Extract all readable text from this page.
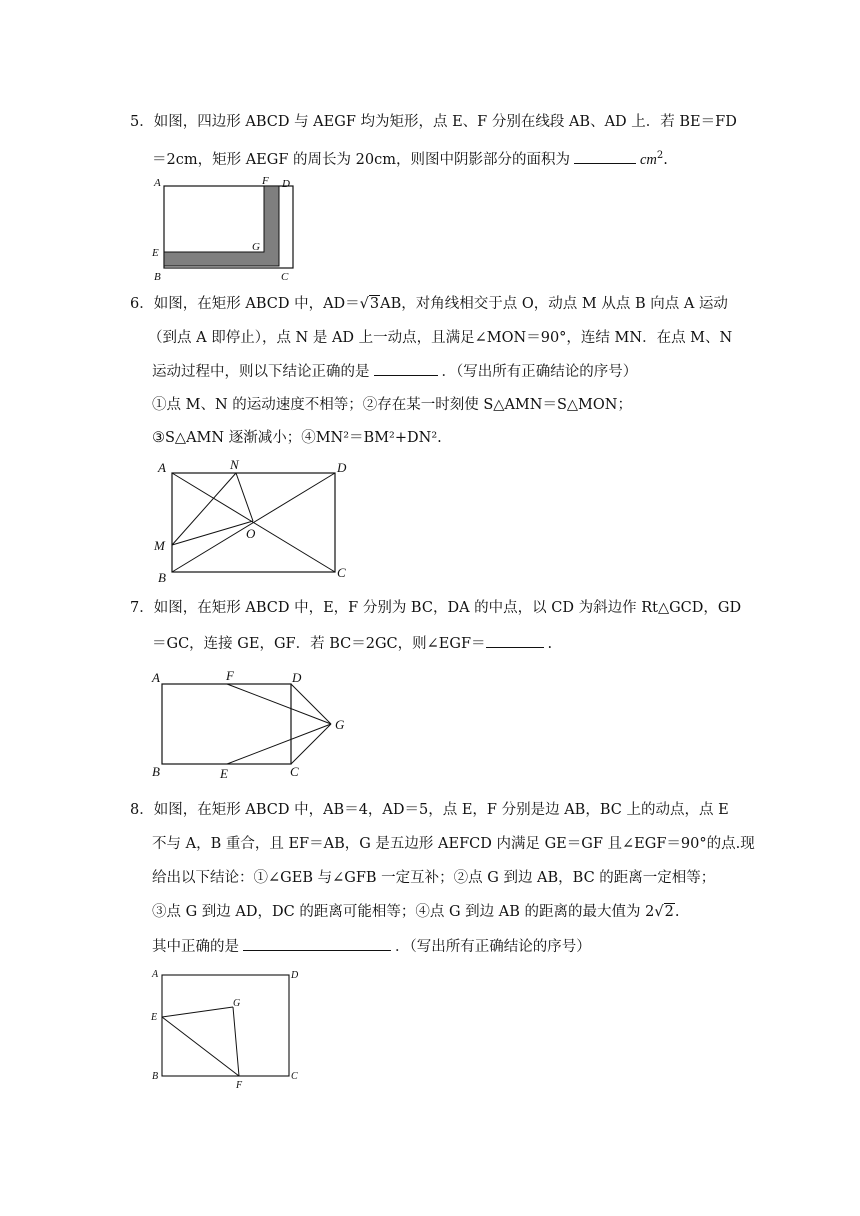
5．如图，四边形 ABCD 与 AEGF 均为矩形，点 E、F 分别在线段 AB、AD 上．若 BE＝FD
＝2cm，矩形 AEGF 的周长为 20cm，则图中阴影部分的面积为	$cm^2$.
A	F D
G
E
B	C
6．如图，在矩形 ABCD 中，AD＝√3AB，对角线相交于点 O，动点 M 从点 B 向点 A 运动
（到点 A 即停止），点 N 是 AD 上一动点，且满足∠MON＝90°，连结 MN．在点 M、N
运动过程中，则以下结论正确的是	．（写出所有正确结论的序号）
①点 M、N 的运动速度不相等；②存在某一时刻使 S△AMN＝S△MON；
③S△AMN 逐渐减小；④MN²＝BM²+DN².
A	N	D
O
M
B	C
7．如图，在矩形 ABCD 中，E，F 分别为 BC，DA 的中点，以 CD 为斜边作 Rt△GCD，GD
＝GC，连接 GE，GF．若 BC＝2GC，则∠EGF＝	.
A	F	D
G
B	E	C
8．如图，在矩形 ABCD 中，AB＝4，AD＝5，点 E，F 分别是边 AB，BC 上的动点，点 E
不与 A，B 重合，且 EF＝AB，G 是五边形 AEFCD 内满足 GE＝GF 且∠EGF＝90°的点.现
给出以下结论：①∠GEB 与∠GFB 一定互补；②点 G 到边 AB，BC 的距离一定相等；
③点 G 到边 AD，DC 的距离可能相等；④点 G 到边 AB 的距离的最大值为 2√2.
其中正确的是	．（写出所有正确结论的序号）
A	D
G
E
B
F
C
